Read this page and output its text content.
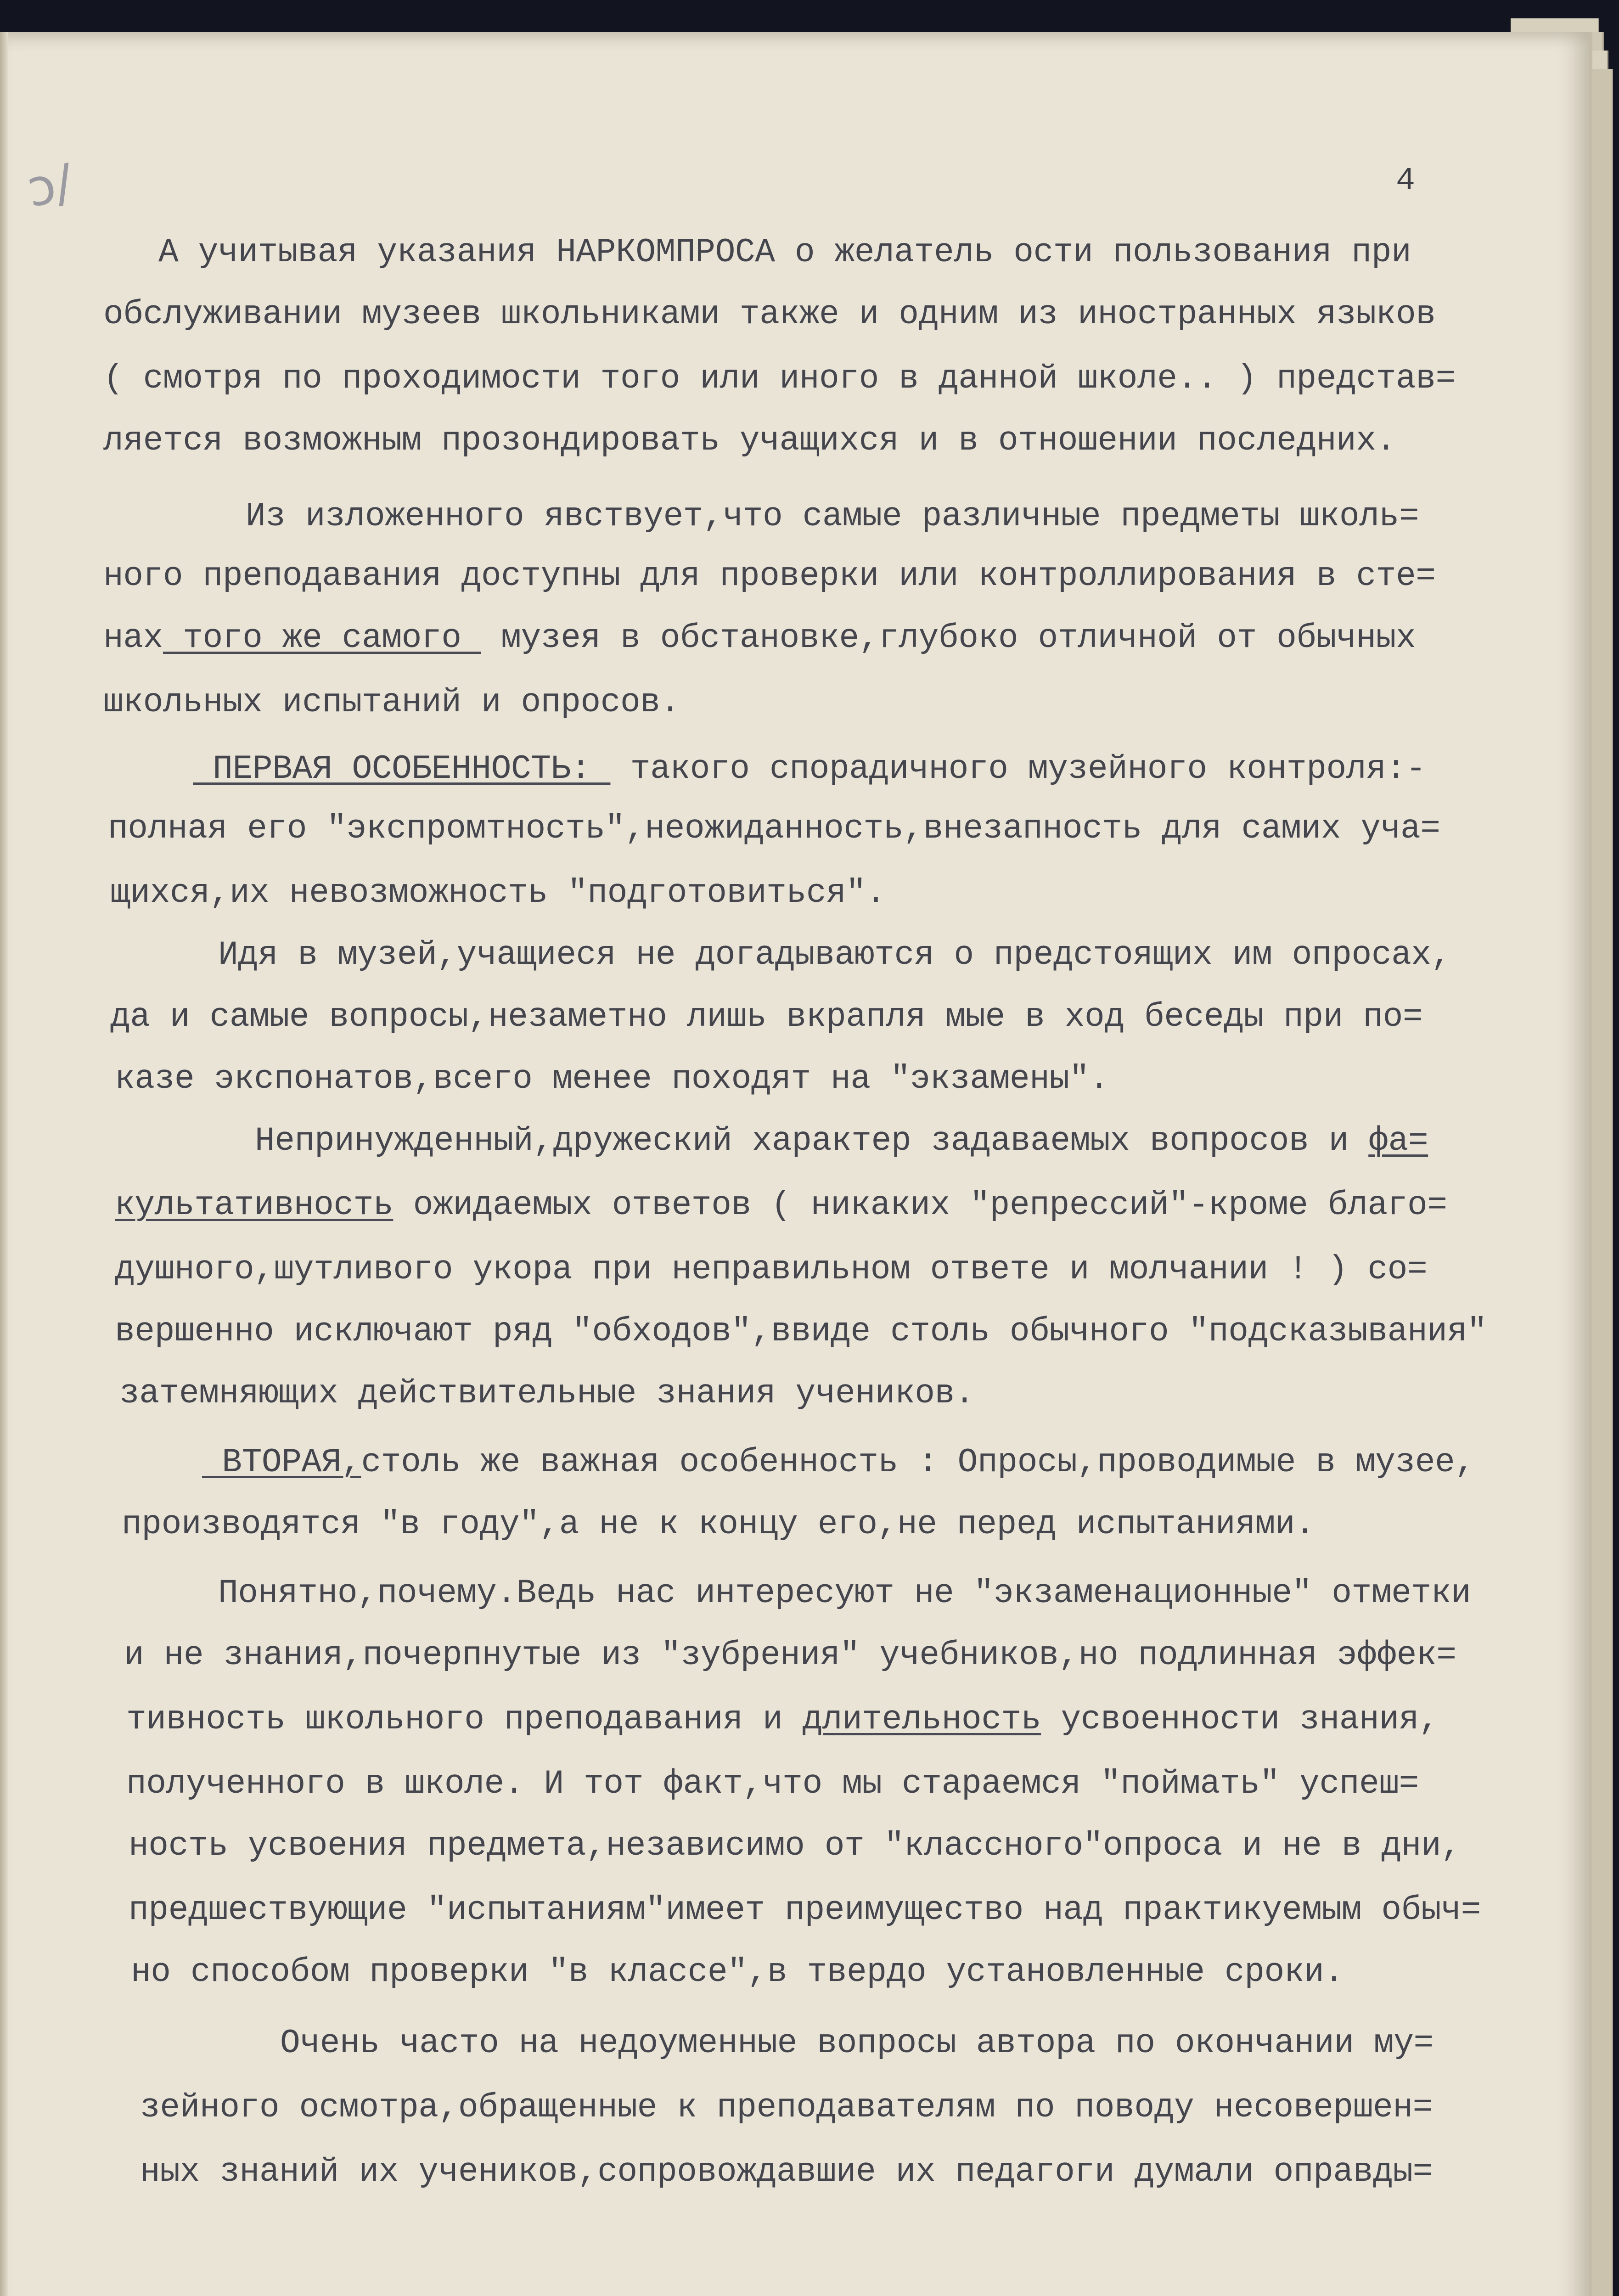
ↄ/	4
А учитывая указания НАРКОМПРОСА о желатель ости пользования при
обслуживании музеев школьниками также и одним из иностранных языков
( смотря по проходимости того или иного в данной школе.. ) представ=
ляется возможным прозондировать учащихся и в отношении последних.
Из изложенного явствует,что самые различные предметы школь=
ного преподавания доступны для проверки или контроллирования в сте=
нах того же самого  музея в обстановке,глубоко отличной от обычных
школьных испытаний и опросов.
ПЕРВАЯ ОСОБЕННОСТЬ:  такого спорадичного музейного контроля:-
полная его "экспромтность",неожиданность,внезапность для самих уча=
щихся,их невозможность "подготовиться".
Идя в музей,учащиеся не догадываются о предстоящих им опросах,
да и самые вопросы,незаметно лишь вкрапля мые в ход беседы при по=
казе экспонатов,всего менее походят на "экзамены".
Непринужденный,дружеский характер задаваемых вопросов и фа=
культативность ожидаемых ответов ( никаких "репрессий"-кроме благо=
душного,шутливого укора при неправильном ответе и молчании ! ) со=
вершенно исключают ряд "обходов",ввиде столь обычного "подсказывания"
затемняющих действительные знания учеников.
ВТОРАЯ,столь же важная особенность : Опросы,проводимые в музее,
производятся "в году",а не к концу его,не перед испытаниями.
Понятно,почему.Ведь нас интересуют не "экзаменационные" отметки
и не знания,почерпнутые из "зубрения" учебников,но подлинная эффек=
тивность школьного преподавания и длительность усвоенности знания,
полученного в школе. И тот факт,что мы стараемся "поймать" успеш=
ность усвоения предмета,независимо от "классного"опроса и не в дни,
предшествующие "испытаниям"имеет преимущество над практикуемым обыч=
но способом проверки "в классе",в твердо установленные сроки.
Очень часто на недоуменные вопросы автора по окончании му=
зейного осмотра,обращенные к преподавателям по поводу несовершен=
ных знаний их учеников,сопровождавшие их педагоги думали оправды=
